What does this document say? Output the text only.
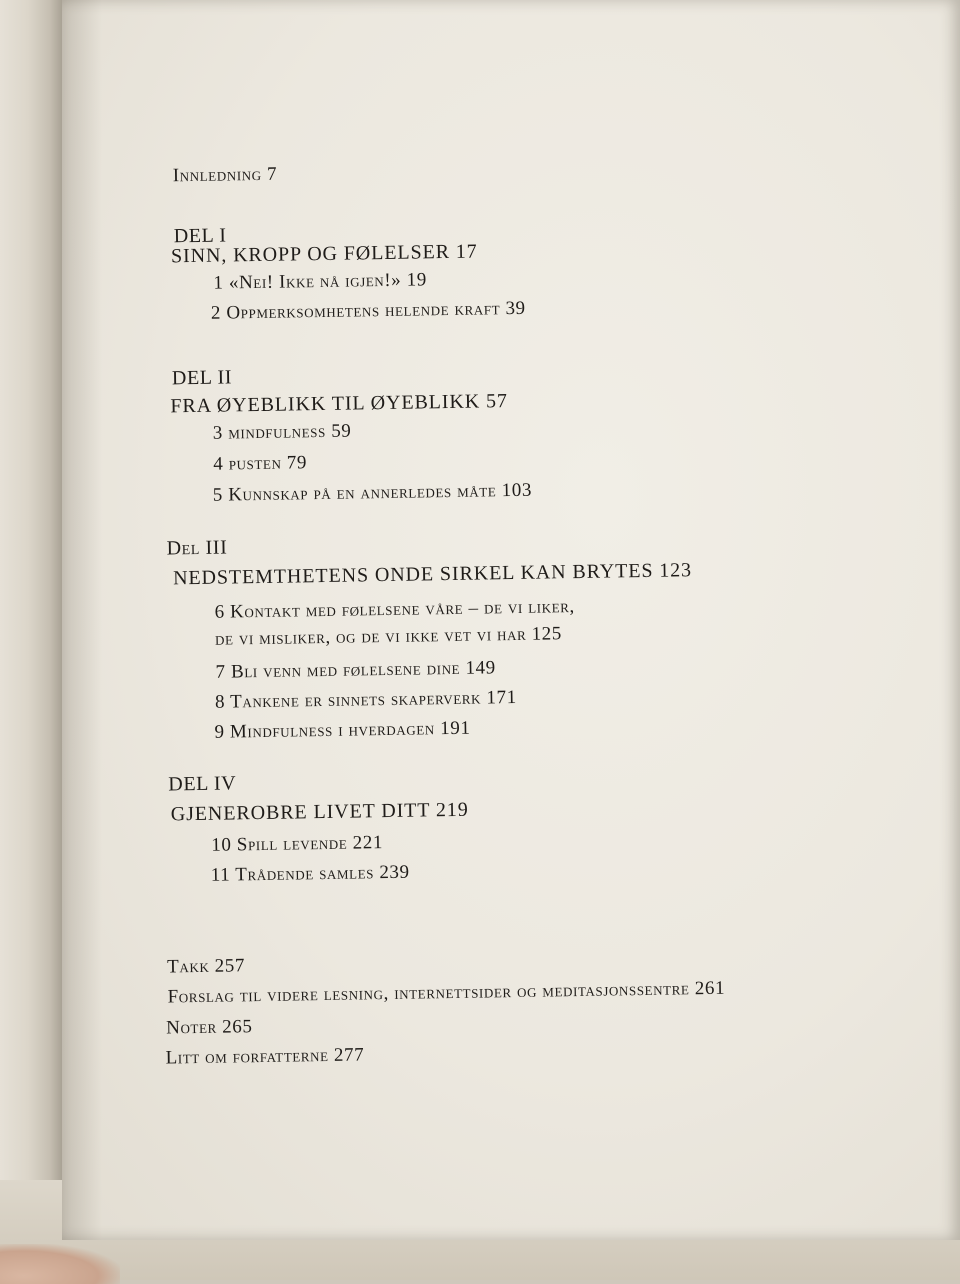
Innledning 7
DEL I
SINN, KROPP OG FØLELSER 17
1 «Nei! Ikke nå igjen!» 19
2 Oppmerksomhetens helende kraft 39
DEL II
FRA ØYEBLIKK TIL ØYEBLIKK 57
3 mindfulness 59
4 pusten 79
5 Kunnskap på en annerledes måte 103
Del III
NEDSTEMTHETENS ONDE SIRKEL KAN BRYTES 123
6 Kontakt med følelsene våre – de vi liker,
de vi misliker, og de vi ikke vet vi har 125
7 Bli venn med følelsene dine 149
8 Tankene er sinnets skaperverk 171
9 Mindfulness i hverdagen 191
DEL IV
GJENEROBRE LIVET DITT 219
10 Spill levende 221
11 Trådende samles 239
Takk 257
Forslag til videre lesning, internettsider og meditasjonssentre 261
Noter 265
Litt om forfatterne 277
